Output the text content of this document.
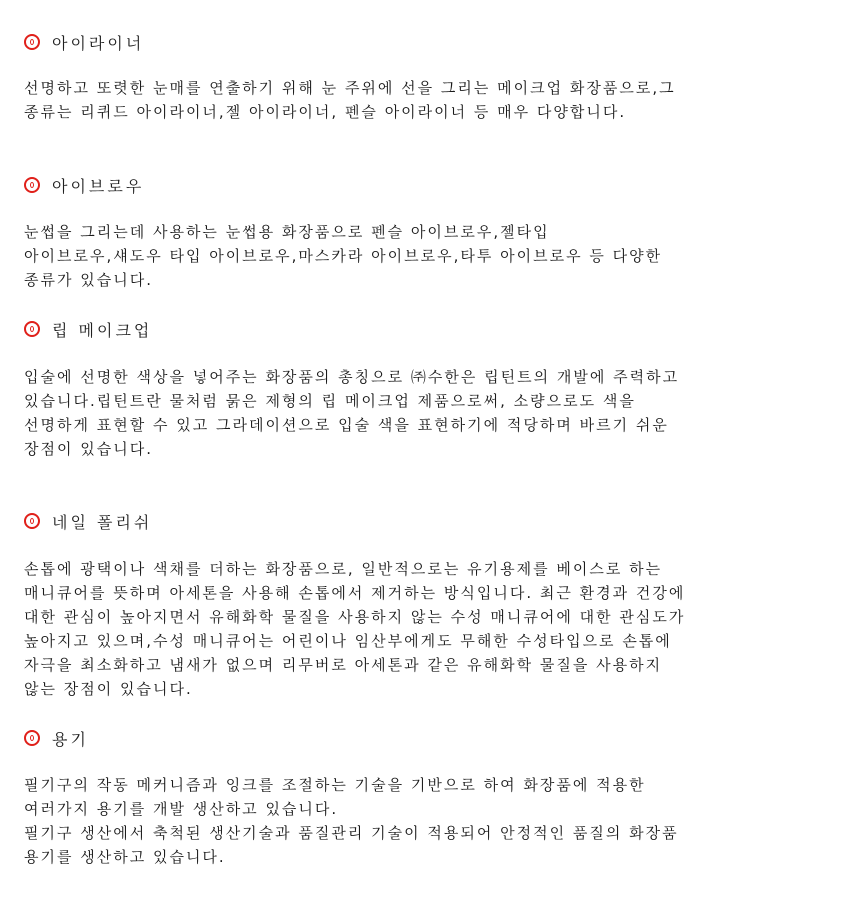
아이라이너
선명하고 또렷한 눈매를 연출하기 위해 눈 주위에 선을 그리는 메이크업 화장품으로,그
종류는 리퀴드 아이라이너,젤 아이라이너, 펜슬 아이라이너 등 매우 다양합니다.
아이브로우
눈썹을 그리는데 사용하는 눈썹용 화장품으로 펜슬 아이브로우,젤타입
아이브로우,섀도우 타입 아이브로우,마스카라 아이브로우,타투 아이브로우 등 다양한
종류가 있습니다.
립 메이크업
입술에 선명한 색상을 넣어주는 화장품의 총칭으로 ㈜수한은 립틴트의 개발에 주력하고
있습니다.립틴트란 물처럼 묽은 제형의 립 메이크업 제품으로써, 소량으로도 색을
선명하게 표현할 수 있고 그라데이션으로 입술 색을 표현하기에 적당하며 바르기 쉬운
장점이 있습니다.
네일 폴리쉬
손톱에 광택이나 색채를 더하는 화장품으로, 일반적으로는 유기용제를 베이스로 하는
매니큐어를 뜻하며 아세톤을 사용해 손톱에서 제거하는 방식입니다. 최근 환경과 건강에
대한 관심이 높아지면서 유해화학 물질을 사용하지 않는 수성 매니큐어에 대한 관심도가
높아지고 있으며,수성 매니큐어는 어린이나 임산부에게도 무해한 수성타입으로 손톱에
자극을 최소화하고 냄새가 없으며 리무버로 아세톤과 같은 유해화학 물질을 사용하지
않는 장점이 있습니다.
용기
필기구의 작동 메커니즘과 잉크를 조절하는 기술을 기반으로 하여 화장품에 적용한
여러가지 용기를 개발 생산하고 있습니다.
필기구 생산에서 축척된 생산기술과 품질관리 기술이 적용되어 안정적인 품질의 화장품
용기를 생산하고 있습니다.
